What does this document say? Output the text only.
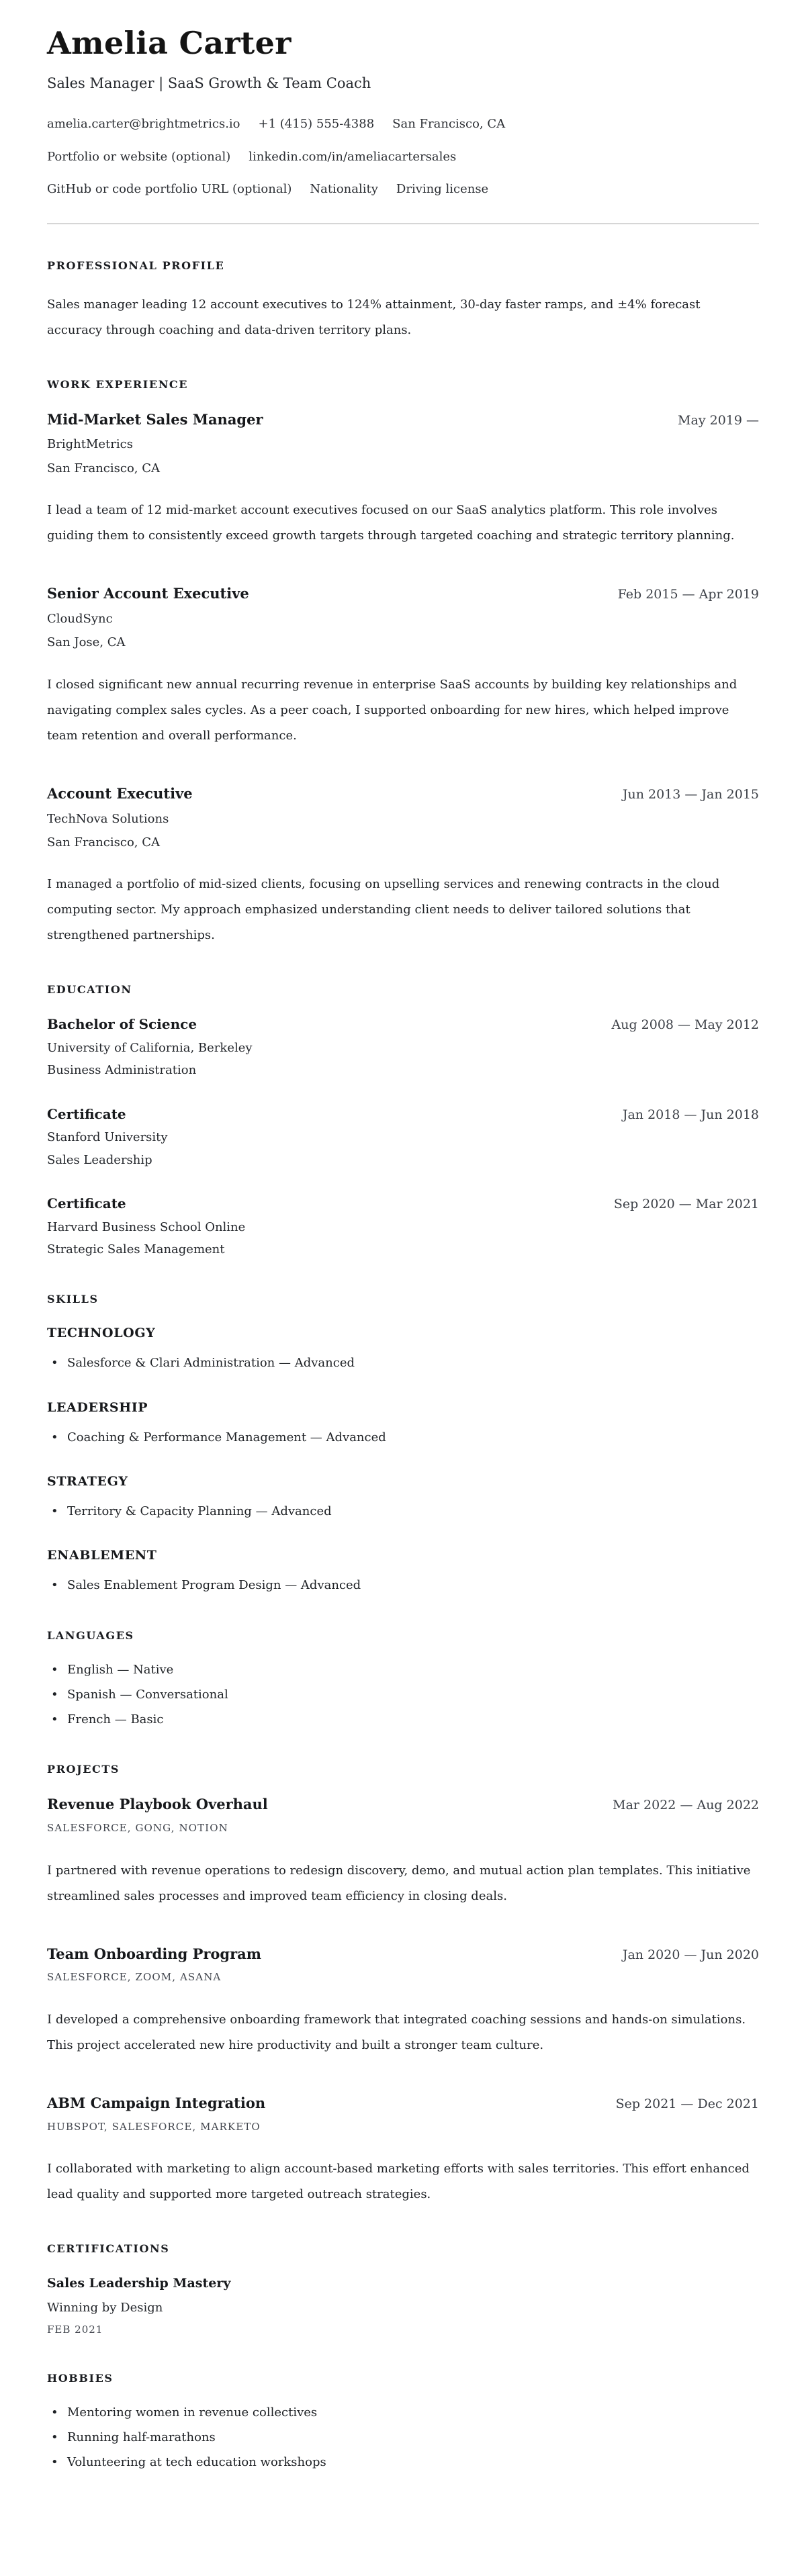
Amelia Carter

Sales Manager | SaaS Growth & Team Coach

amelia.carter@brightmetrics.io +1 (415) 555-4388 San Francisco, CA
Portfolio or website (optional) linkedin.com/in/ameliacartersales
GitHub or code portfolio URL (optional) Nationality Driving license
PROFESSIONAL PROFILE

Sales manager leading 12 account executives to 124% attainment, 30-day faster ramps, and ±4% forecast accuracy through coaching and data-driven territory plans.

WORK EXPERIENCE
Mid-Market Sales Manager	May 2019 —

BrightMetrics

San Francisco, CA

I lead a team of 12 mid-market account executives focused on our SaaS analytics platform. This role involves guiding them to consistently exceed growth targets through targeted coaching and strategic territory planning.

Senior Account Executive	Feb 2015 — Apr 2019

CloudSync

San Jose, CA

I closed significant new annual recurring revenue in enterprise SaaS accounts by building key relationships and navigating complex sales cycles. As a peer coach, I supported onboarding for new hires, which helped improve team retention and overall performance.

Account Executive	Jun 2013 — Jan 2015

TechNova Solutions

San Francisco, CA

I managed a portfolio of mid-sized clients, focusing on upselling services and renewing contracts in the cloud computing sector. My approach emphasized understanding client needs to deliver tailored solutions that strengthened partnerships.

EDUCATION
Bachelor of Science	Aug 2008 — May 2012

University of California, Berkeley

Business Administration

Certificate	Jan 2018 — Jun 2018

Stanford University

Sales Leadership

Certificate	Sep 2020 — Mar 2021

Harvard Business School Online

Strategic Sales Management

SKILLS
TECHNOLOGY
• Salesforce & Clari Administration — Advanced
LEADERSHIP
• Coaching & Performance Management — Advanced
STRATEGY
• Territory & Capacity Planning — Advanced
ENABLEMENT
• Sales Enablement Program Design — Advanced
LANGUAGES
• English — Native
• Spanish — Conversational
• French — Basic
PROJECTS
Revenue Playbook Overhaul	Mar 2022 — Aug 2022

SALESFORCE, GONG, NOTION

I partnered with revenue operations to redesign discovery, demo, and mutual action plan templates. This initiative streamlined sales processes and improved team efficiency in closing deals.

Team Onboarding Program	Jan 2020 — Jun 2020

SALESFORCE, ZOOM, ASANA

I developed a comprehensive onboarding framework that integrated coaching sessions and hands-on simulations. This project accelerated new hire productivity and built a stronger team culture.

ABM Campaign Integration	Sep 2021 — Dec 2021

HUBSPOT, SALESFORCE, MARKETO

I collaborated with marketing to align account-based marketing efforts with sales territories. This effort enhanced lead quality and supported more targeted outreach strategies.

CERTIFICATIONS

Sales Leadership Mastery

Winning by Design

FEB 2021

HOBBIES
• Mentoring women in revenue collectives
• Running half-marathons
• Volunteering at tech education workshops
